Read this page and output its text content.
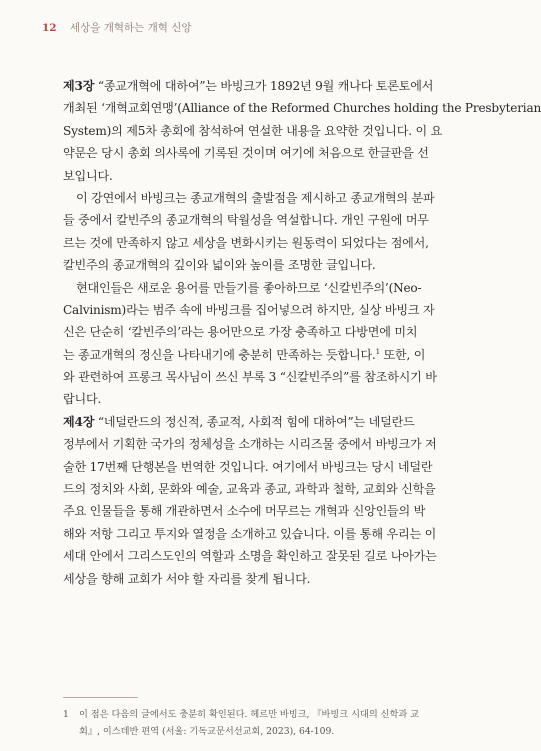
12 세상을 개혁하는 개혁 신앙
제3장 “종교개혁에 대하여”는 바빙크가 1892년 9월 캐나다 토론토에서
개최된 ‘개혁교회연맹’(Alliance of the Reformed Churches holding the Presbyterian
System)의 제5차 총회에 참석하여 연설한 내용을 요약한 것입니다. 이 요
약문은 당시 총회 의사록에 기록된 것이며 여기에 처음으로 한글판을 선
보입니다.
이 강연에서 바빙크는 종교개혁의 출발점을 제시하고 종교개혁의 분파
들 중에서 칼빈주의 종교개혁의 탁월성을 역설합니다. 개인 구원에 머무
르는 것에 만족하지 않고 세상을 변화시키는 원동력이 되었다는 점에서,
칼빈주의 종교개혁의 깊이와 넓이와 높이를 조명한 글입니다.
현대인들은 새로운 용어를 만들기를 좋아하므로 ‘신칼빈주의’(Neo-
Calvinism)라는 범주 속에 바빙크를 집어넣으려 하지만, 실상 바빙크 자
신은 단순히 ‘칼빈주의’라는 용어만으로 가장 충족하고 다방면에 미치
는 종교개혁의 정신을 나타내기에 충분히 만족하는 듯합니다.$^1$ 또한, 이
와 관련하여 프롱크 목사님이 쓰신 부록 3 “신칼빈주의”를 참조하시기 바
랍니다.
제4장 “네덜란드의 정신적, 종교적, 사회적 힘에 대하여”는 네덜란드
정부에서 기획한 국가의 정체성을 소개하는 시리즈물 중에서 바빙크가 저
술한 17번째 단행본을 번역한 것입니다. 여기에서 바빙크는 당시 네덜란
드의 정치와 사회, 문화와 예술, 교육과 종교, 과학과 철학, 교회와 신학을
주요 인물들을 통해 개관하면서 소수에 머무르는 개혁과 신앙인들의 박
해와 저항 그리고 투지와 열정을 소개하고 있습니다. 이를 통해 우리는 이
세대 안에서 그리스도인의 역할과 소명을 확인하고 잘못된 길로 나아가는
세상을 향해 교회가 서야 할 자리를 찾게 됩니다.
1 이 점은 다음의 글에서도 충분히 확인된다. 헤르만 바빙크, 『바빙크 시대의 신학과 교
회』, 이스데반 편역 (서울: 기독교문서선교회, 2023), 64-109.
